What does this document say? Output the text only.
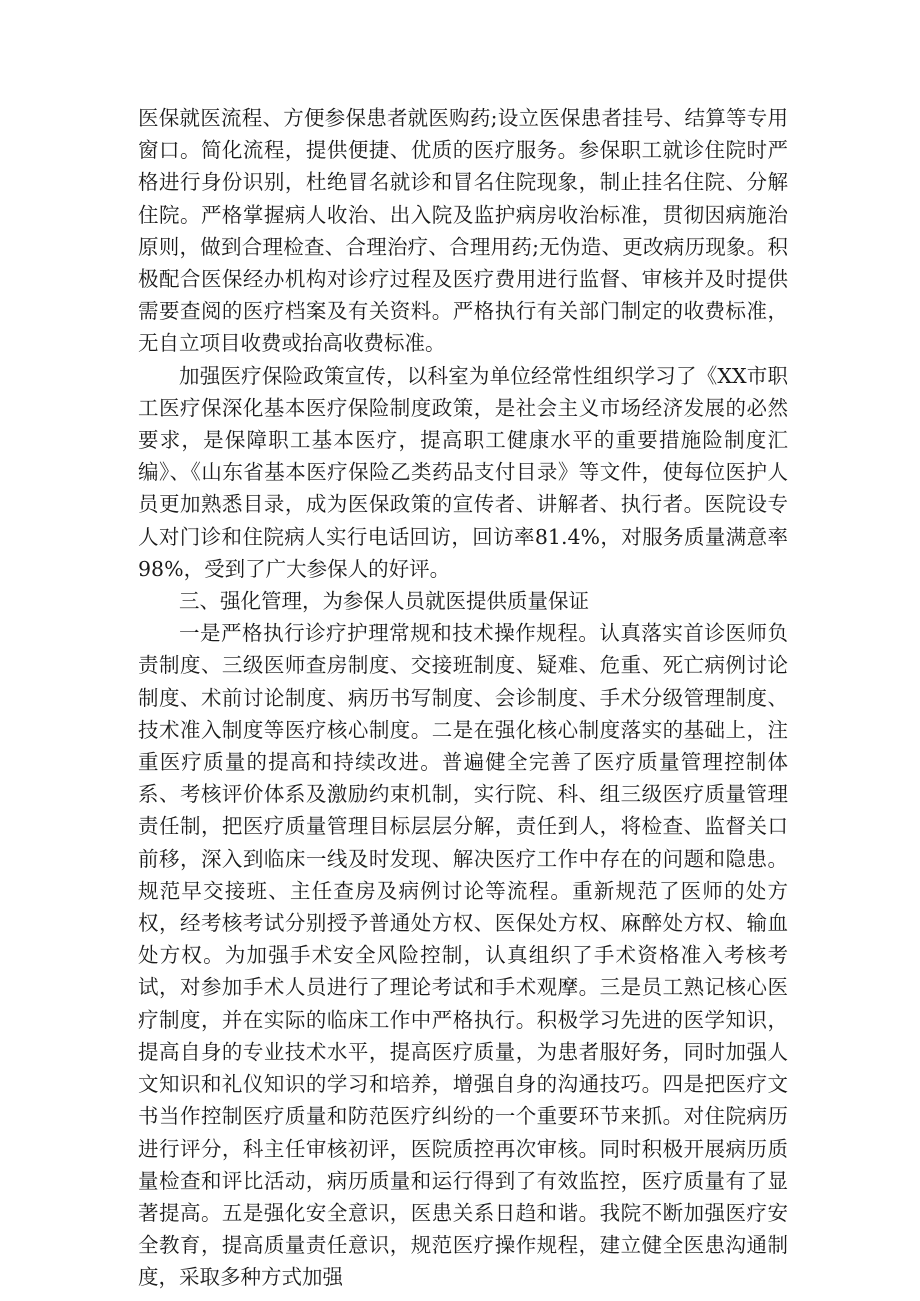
医保就医流程、方便参保患者就医购药;设立医保患者挂号、结算等专用窗口。简化流程，提供便捷、优质的医疗服务。参保职工就诊住院时严格进行身份识别，杜绝冒名就诊和冒名住院现象，制止挂名住院、分解住院。严格掌握病人收治、出入院及监护病房收治标准，贯彻因病施治原则，做到合理检查、合理治疗、合理用药;无伪造、更改病历现象。积极配合医保经办机构对诊疗过程及医疗费用进行监督、审核并及时提供需要查阅的医疗档案及有关资料。严格执行有关部门制定的收费标准，无自立项目收费或抬高收费标准。

加强医疗保险政策宣传，以科室为单位经常性组织学习了《XX市职工医疗保深化基本医疗保险制度政策，是社会主义市场经济发展的必然要求，是保障职工基本医疗，提高职工健康水平的重要措施险制度汇编》、《山东省基本医疗保险乙类药品支付目录》等文件，使每位医护人员更加熟悉目录，成为医保政策的宣传者、讲解者、执行者。医院设专人对门诊和住院病人实行电话回访，回访率81.4%，对服务质量满意率98%，受到了广大参保人的好评。

三、强化管理，为参保人员就医提供质量保证

一是严格执行诊疗护理常规和技术操作规程。认真落实首诊医师负责制度、三级医师查房制度、交接班制度、疑难、危重、死亡病例讨论制度、术前讨论制度、病历书写制度、会诊制度、手术分级管理制度、技术准入制度等医疗核心制度。二是在强化核心制度落实的基础上，注重医疗质量的提高和持续改进。普遍健全完善了医疗质量管理控制体系、考核评价体系及激励约束机制，实行院、科、组三级医疗质量管理责任制，把医疗质量管理目标层层分解，责任到人，将检查、监督关口前移，深入到临床一线及时发现、解决医疗工作中存在的问题和隐患。规范早交接班、主任查房及病例讨论等流程。重新规范了医师的处方权，经考核考试分别授予普通处方权、医保处方权、麻醉处方权、输血处方权。为加强手术安全风险控制，认真组织了手术资格准入考核考试，对参加手术人员进行了理论考试和手术观摩。三是员工熟记核心医疗制度，并在实际的临床工作中严格执行。积极学习先进的医学知识，提高自身的专业技术水平，提高医疗质量，为患者服好务，同时加强人文知识和礼仪知识的学习和培养，增强自身的沟通技巧。四是把医疗文书当作控制医疗质量和防范医疗纠纷的一个重要环节来抓。对住院病历进行评分，科主任审核初评，医院质控再次审核。同时积极开展病历质量检查和评比活动，病历质量和运行得到了有效监控，医疗质量有了显著提高。五是强化安全意识，医患关系日趋和谐。我院不断加强医疗安全教育，提高质量责任意识，规范医疗操作规程，建立健全医患沟通制度，采取多种方式加强
